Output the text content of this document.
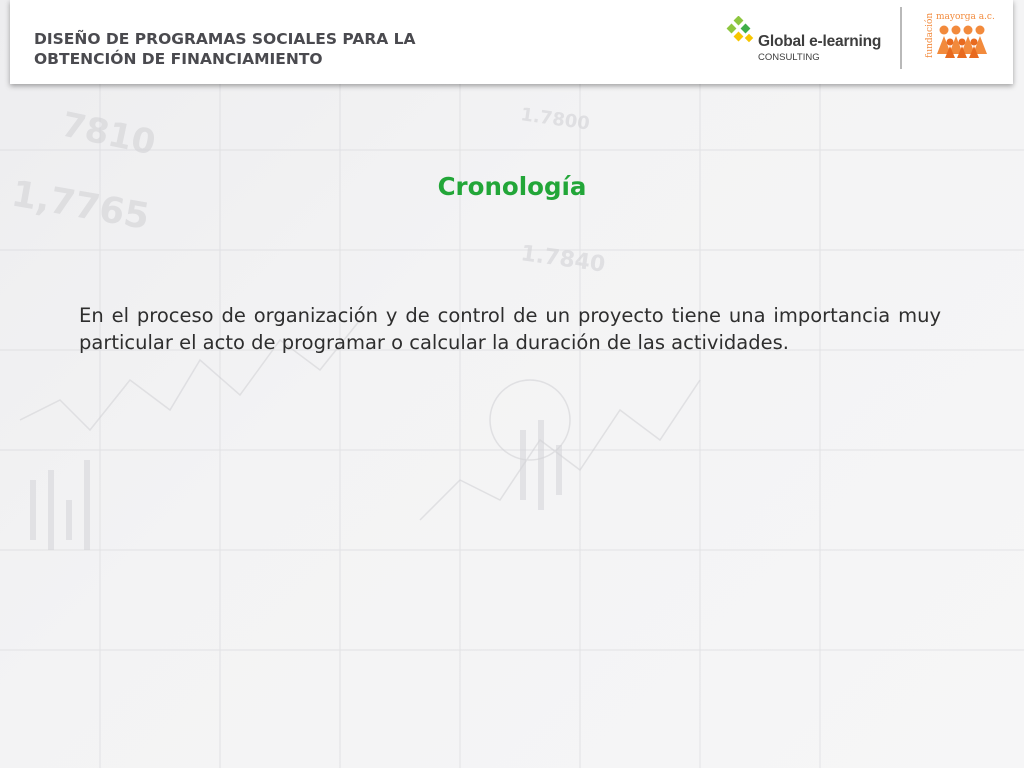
7810
1,7765
1.7840
1.7800
DISEÑO DE PROGRAMAS SOCIALES PARA LA
OBTENCIÓN DE FINANCIAMIENTO
Global e-learning
CONSULTING	fundación mayorga a.c.
Cronología

En el proceso de organización y de control de un proyecto tiene una importancia muy particular el acto de programar o calcular la duración de las actividades.
